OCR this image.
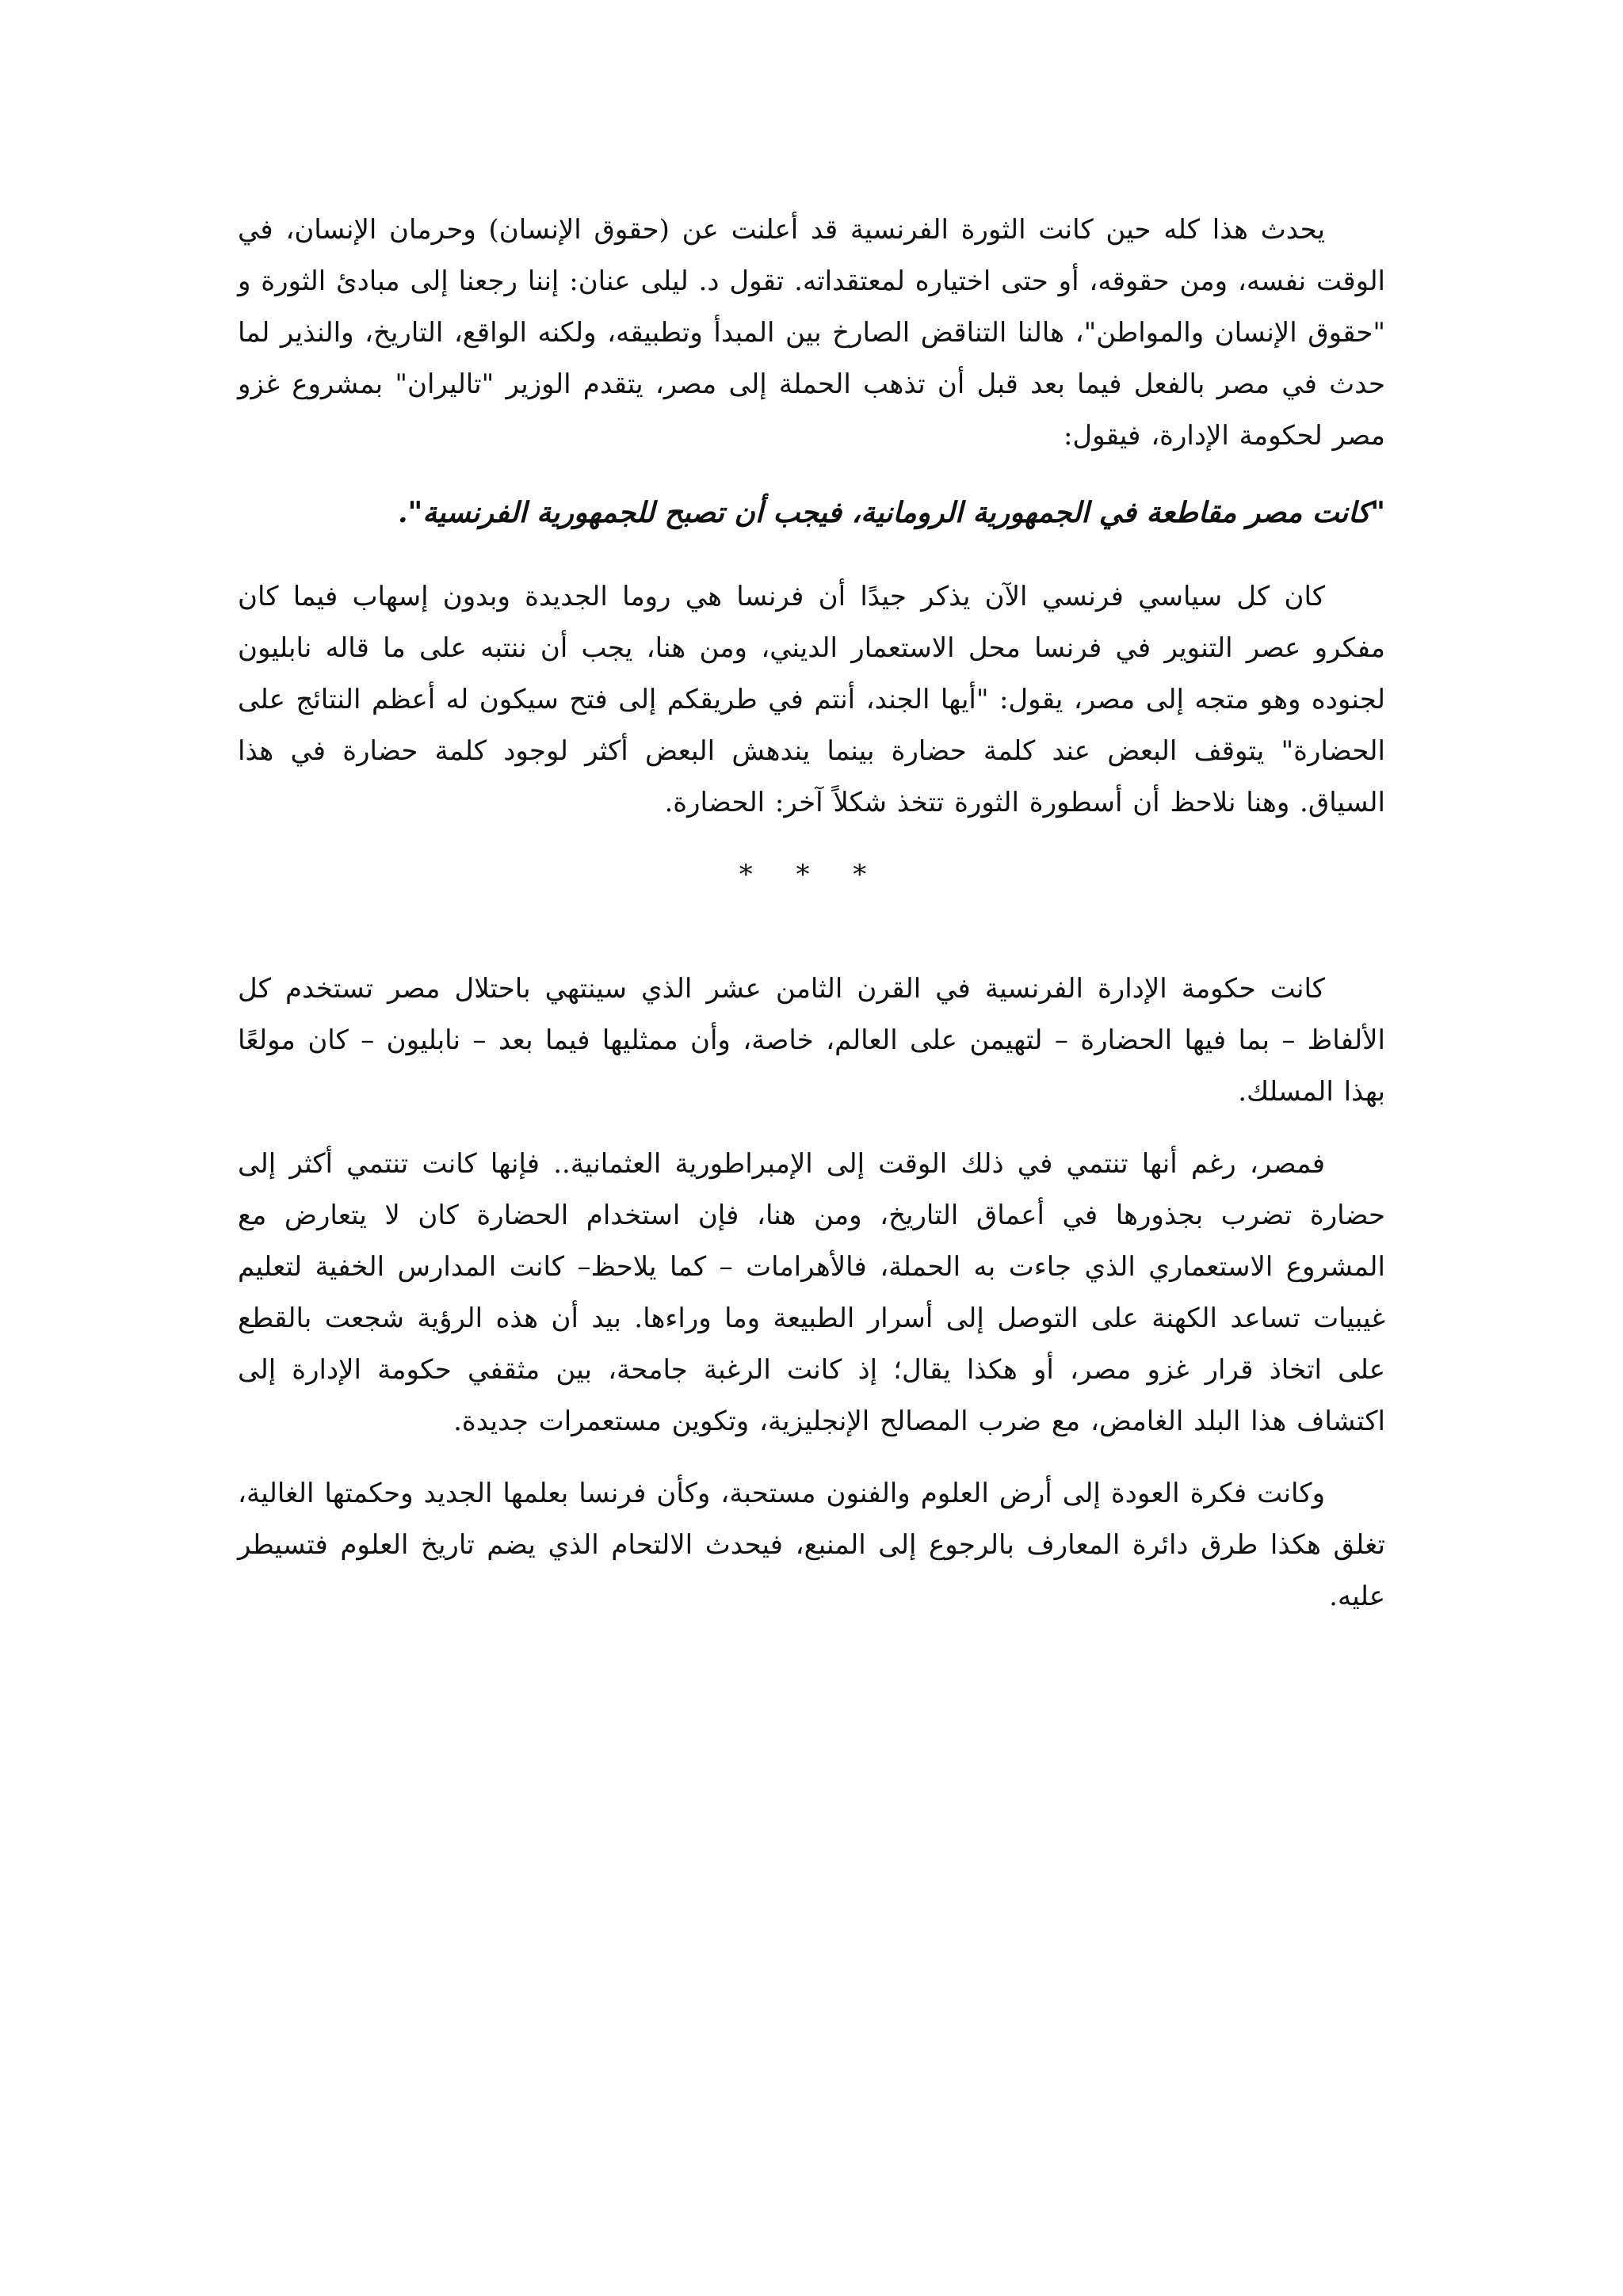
يحدث هذا كله حين كانت الثورة الفرنسية قد أعلنت عن (حقوق الإنسان) وحرمان الإنسان، في الوقت نفسه، ومن حقوقه، أو حتى اختياره لمعتقداته. تقول د. ليلى عنان: إننا رجعنا إلى مبادئ الثورة و "حقوق الإنسان والمواطن"، هالنا التناقض الصارخ بين المبدأ وتطبيقه، ولكنه الواقع، التاريخ، والنذير لما حدث في مصر بالفعل فيما بعد قبل أن تذهب الحملة إلى مصر، يتقدم الوزير "تاليران" بمشروع غزو مصر لحكومة الإدارة، فيقول:

"كانت مصر مقاطعة في الجمهورية الرومانية، فيجب أن تصبح للجمهورية الفرنسية".

كان كل سياسي فرنسي الآن يذكر جيدًا أن فرنسا هي روما الجديدة وبدون إسهاب فيما كان مفكرو عصر التنوير في فرنسا محل الاستعمار الديني، ومن هنا، يجب أن ننتبه على ما قاله نابليون لجنوده وهو متجه إلى مصر، يقول: "أيها الجند، أنتم في طريقكم إلى فتح سيكون له أعظم النتائج على الحضارة" يتوقف البعض عند كلمة حضارة بينما يندهش البعض أكثر لوجود كلمة حضارة في هذا السياق. وهنا نلاحظ أن أسطورة الثورة تتخذ شكلاً آخر: الحضارة.

* * *

كانت حكومة الإدارة الفرنسية في القرن الثامن عشر الذي سينتهي باحتلال مصر تستخدم كل الألفاظ – بما فيها الحضارة – لتهيمن على العالم، خاصة، وأن ممثليها فيما بعد – نابليون – كان مولعًا بهذا المسلك.

فمصر، رغم أنها تنتمي في ذلك الوقت إلى الإمبراطورية العثمانية.. فإنها كانت تنتمي أكثر إلى حضارة تضرب بجذورها في أعماق التاريخ، ومن هنا، فإن استخدام الحضارة كان لا يتعارض مع المشروع الاستعماري الذي جاءت به الحملة، فالأهرامات – كما يلاحظ– كانت المدارس الخفية لتعليم غيبيات تساعد الكهنة على التوصل إلى أسرار الطبيعة وما وراءها. بيد أن هذه الرؤية شجعت بالقطع على اتخاذ قرار غزو مصر، أو هكذا يقال؛ إذ كانت الرغبة جامحة، بين مثقفي حكومة الإدارة إلى اكتشاف هذا البلد الغامض، مع ضرب المصالح الإنجليزية، وتكوين مستعمرات جديدة.

وكانت فكرة العودة إلى أرض العلوم والفنون مستحبة، وكأن فرنسا بعلمها الجديد وحكمتها الغالية، تغلق هكذا طرق دائرة المعارف بالرجوع إلى المنبع، فيحدث الالتحام الذي يضم تاريخ العلوم فتسيطر عليه.
